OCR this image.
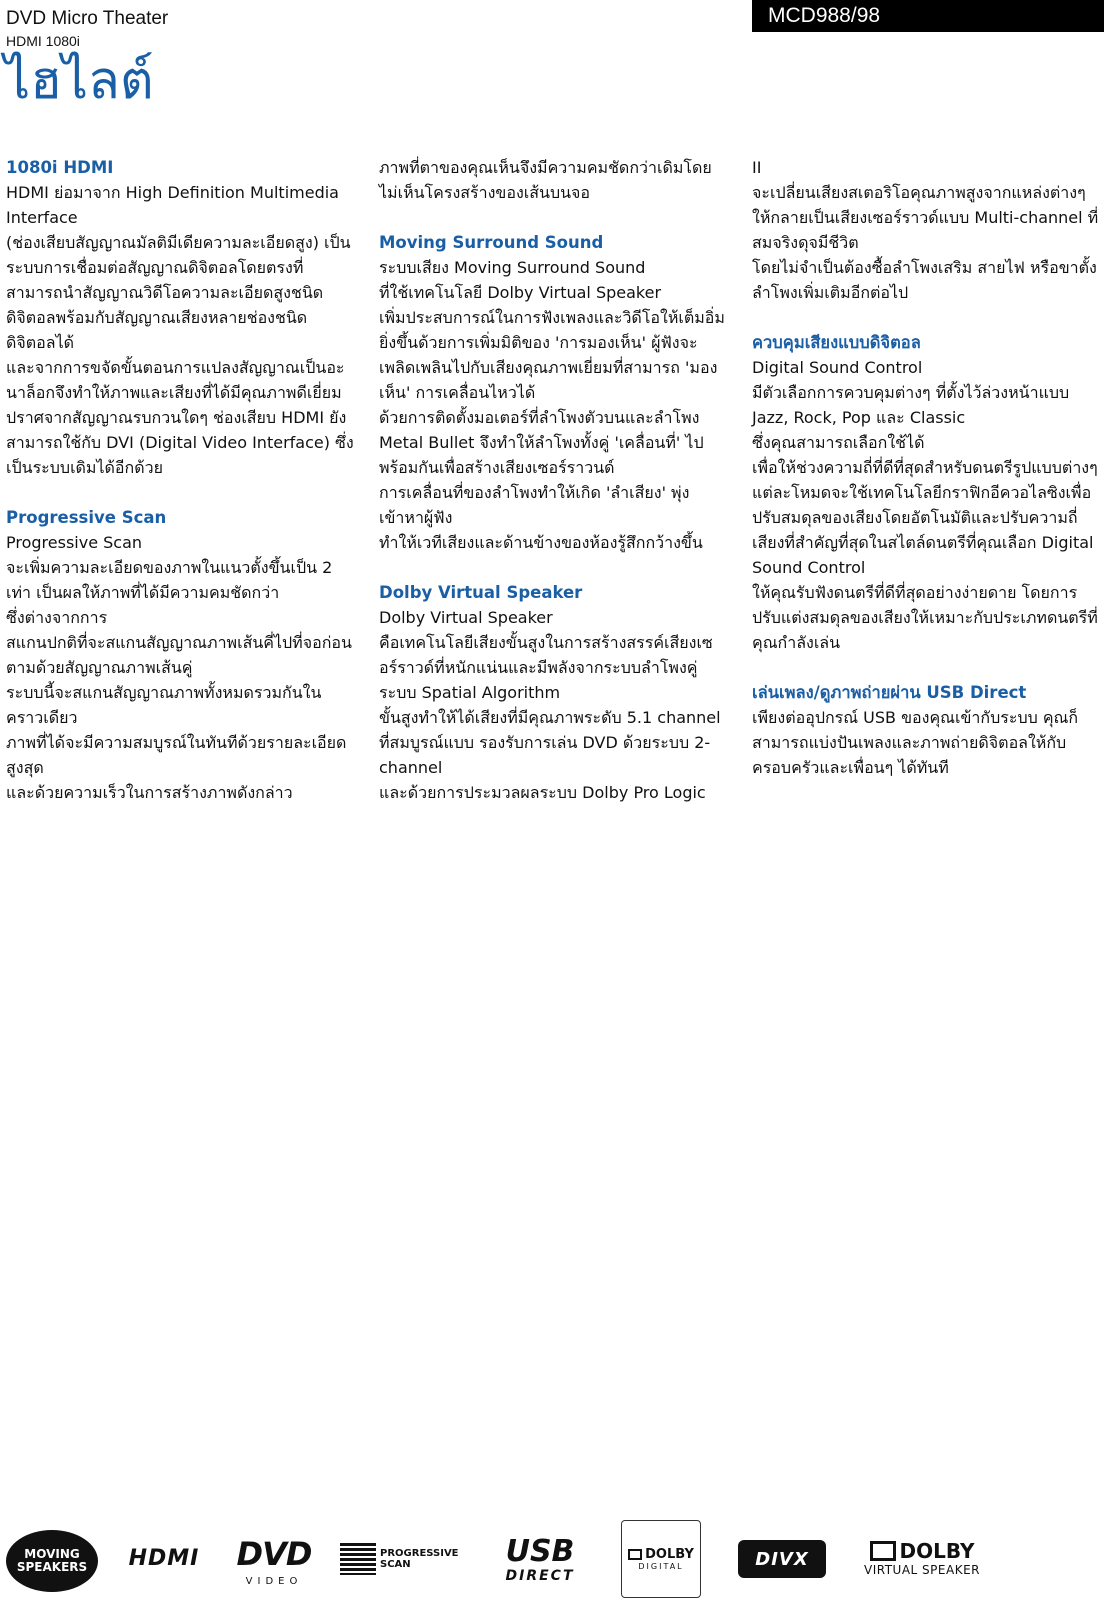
DVD Micro Theater
HDMI 1080i
ไฮไลต์
MCD988/98
1080i HDMI

HDMI ย่อมาจาก High Definition Multimedia Interface
(ช่องเสียบสัญญาณมัลติมีเดียความละเอียดสูง) เป็นระบบการเชื่อมต่อสัญญาณดิจิตอลโดยตรงที่สามารถนำสัญญาณวิดีโอความละเอียดสูงชนิดดิจิตอลพร้อมกับสัญญาณเสียงหลายช่องชนิดดิจิตอลได้
และจากการขจัดขั้นตอนการแปลงสัญญาณเป็นอะนาล็อกจึงทำให้ภาพและเสียงที่ได้มีคุณภาพดีเยี่ยม ปราศจากสัญญาณรบกวนใดๆ ช่องเสียบ HDMI ยังสามารถใช้กับ DVI (Digital Video Interface) ซึ่งเป็นระบบเดิมได้อีกด้วย

Progressive Scan

Progressive Scan
จะเพิ่มความละเอียดของภาพในแนวตั้งขึ้นเป็น 2 เท่า เป็นผลให้ภาพที่ได้มีความคมชัดกว่า
ซึ่งต่างจากการ
สแกนปกติที่จะสแกนสัญญาณภาพเส้นคี่ไปที่จอก่อน ตามด้วยสัญญาณภาพเส้นคู่
ระบบนี้จะสแกนสัญญาณภาพทั้งหมดรวมกันในคราวเดียว
ภาพที่ได้จะมีความสมบูรณ์ในทันทีด้วยรายละเอียดสูงสุด
และด้วยความเร็วในการสร้างภาพดังกล่าว

ภาพที่ตาของคุณเห็นจึงมีความคมชัดกว่าเดิมโดยไม่เห็นโครงสร้างของเส้นบนจอ

Moving Surround Sound

ระบบเสียง Moving Surround Sound
ที่ใช้เทคโนโลยี Dolby Virtual Speaker
เพิ่มประสบการณ์ในการฟังเพลงและวิดีโอให้เต็มอิ่มยิ่งขึ้นด้วยการเพิ่มมิติของ 'การมองเห็น' ผู้ฟังจะเพลิดเพลินไปกับเสียงคุณภาพเยี่ยมที่สามารถ 'มองเห็น' การเคลื่อนไหวได้
ด้วยการติดตั้งมอเตอร์ที่ลำโพงตัวบนและลำโพง Metal Bullet จึงทำให้ลำโพงทั้งคู่ 'เคลื่อนที่' ไปพร้อมกันเพื่อสร้างเสียงเซอร์ราวนด์
การเคลื่อนที่ของลำโพงทำให้เกิด 'ลำเสียง' พุ่งเข้าหาผู้ฟัง
ทำให้เวทีเสียงและด้านข้างของห้องรู้สึกกว้างขึ้น

Dolby Virtual Speaker

Dolby Virtual Speaker
คือเทคโนโลยีเสียงขั้นสูงในการสร้างสรรค์เสียงเซอร์ราวด์ที่หนักแน่นและมีพลังจากระบบลำโพงคู่ ระบบ Spatial Algorithm
ขั้นสูงทำให้ได้เสียงที่มีคุณภาพระดับ 5.1 channel ที่สมบูรณ์แบบ รองรับการเล่น DVD ด้วยระบบ 2-channel
และด้วยการประมวลผลระบบ Dolby Pro Logic

II
จะเปลี่ยนเสียงสเตอริโอคุณภาพสูงจากแหล่งต่างๆ ให้กลายเป็นเสียงเซอร์ราวด์แบบ Multi-channel ที่สมจริงดุจมีชีวิต
โดยไม่จำเป็นต้องซื้อลำโพงเสริม สายไฟ หรือขาตั้งลำโพงเพิ่มเติมอีกต่อไป

ควบคุมเสียงแบบดิจิตอล

Digital Sound Control
มีตัวเลือกการควบคุมต่างๆ ที่ตั้งไว้ล่วงหน้าแบบ Jazz, Rock, Pop และ Classic
ซึ่งคุณสามารถเลือกใช้ได้
เพื่อให้ช่วงความถี่ที่ดีที่สุดสำหรับดนตรีรูปแบบต่างๆ
แต่ละโหมดจะใช้เทคโนโลยีกราฟิกอีควอไลซิงเพื่อปรับสมดุลของเสียงโดยอัตโนมัติและปรับความถี่เสียงที่สำคัญที่สุดในสไตล์ดนตรีที่คุณเลือก Digital Sound Control
ให้คุณรับฟังดนตรีที่ดีที่สุดอย่างง่ายดาย โดยการปรับแต่งสมดุลของเสียงให้เหมาะกับประเภทดนตรีที่คุณกำลังเล่น

เล่นเพลง/ดูภาพถ่ายผ่าน USB Direct

เพียงต่ออุปกรณ์ USB ของคุณเข้ากับระบบ คุณก็สามารถแบ่งปันเพลงและภาพถ่ายดิจิตอลให้กับครอบครัวและเพื่อนๆ ได้ทันที

MOVING
SPEAKERS HDMI DVD
VIDEO
PROGRESSIVE
SCAN	USB
DIRECT
DOLBY
DIGITAL	DIVX	DOLBY
VIRTUAL SPEAKER
